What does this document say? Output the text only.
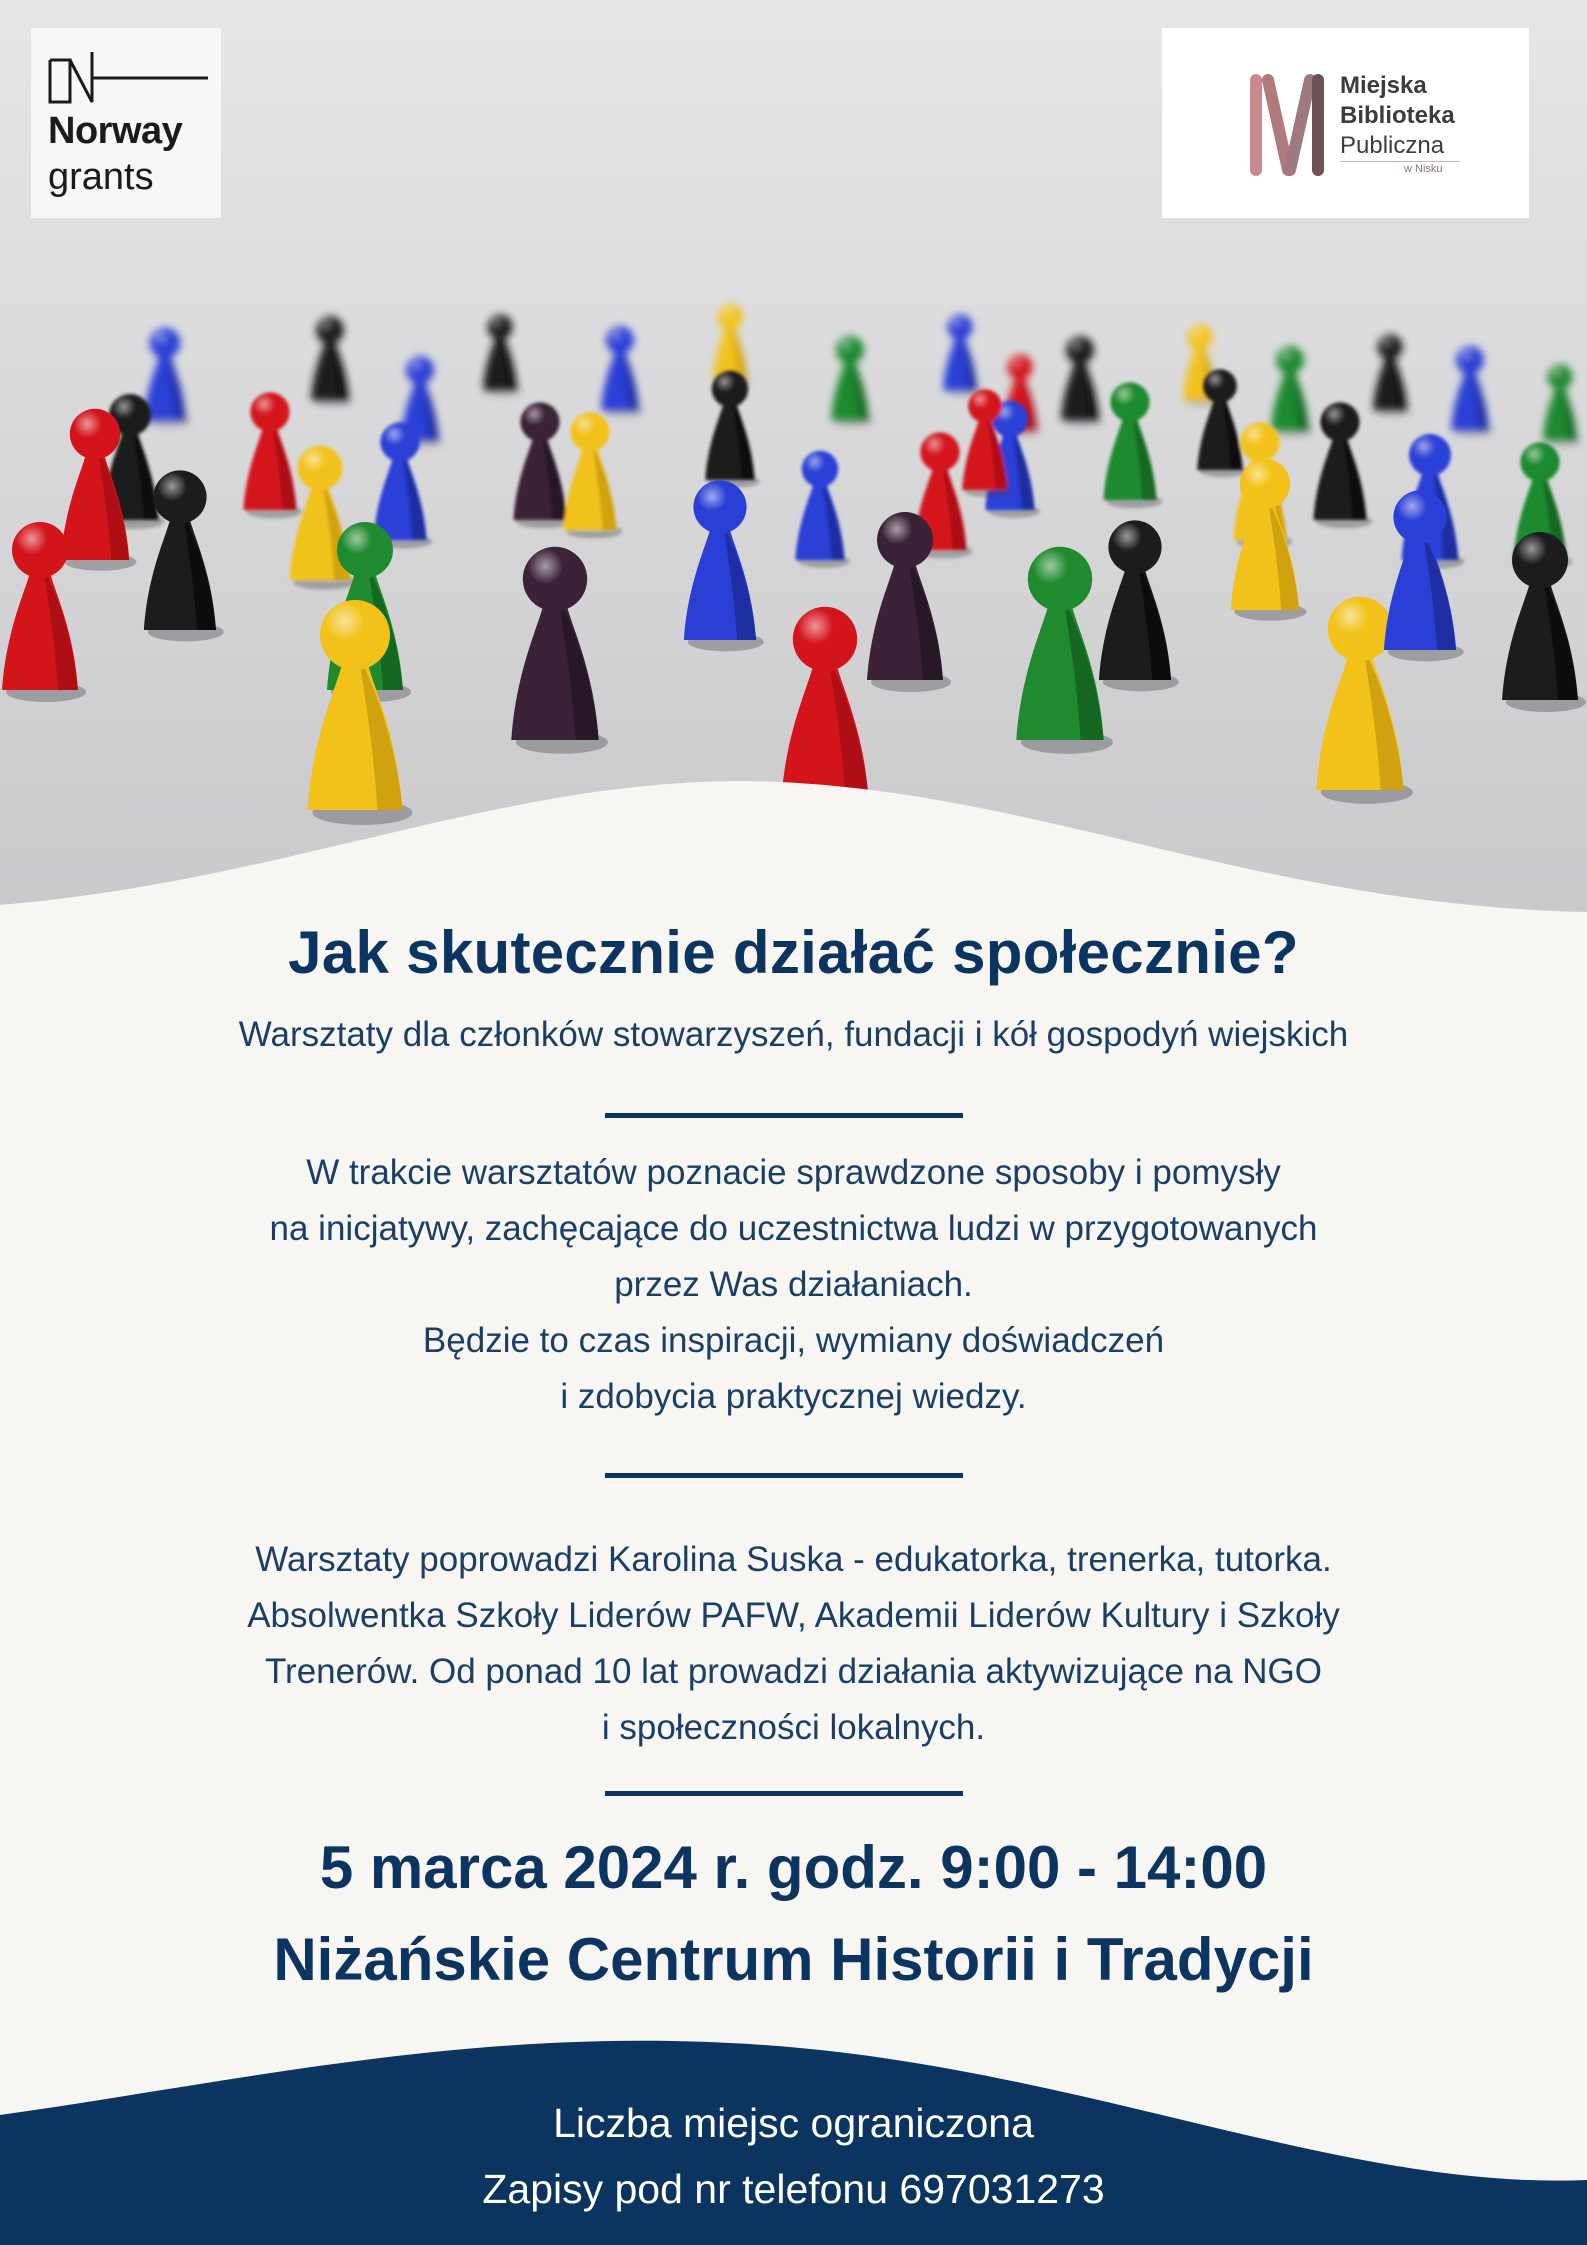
Norway
grants
Miejska
Biblioteka
Publiczna
w Nisku
Jak skutecznie działać społecznie?
Warsztaty dla członków stowarzyszeń, fundacji i kół gospodyń wiejskich
W trakcie warsztatów poznacie sprawdzone sposoby i pomysły
na inicjatywy, zachęcające do uczestnictwa ludzi w przygotowanych
przez Was działaniach.
Będzie to czas inspiracji, wymiany doświadczeń
i zdobycia praktycznej wiedzy.
Warsztaty poprowadzi Karolina Suska - edukatorka, trenerka, tutorka.
Absolwentka Szkoły Liderów PAFW, Akademii Liderów Kultury i Szkoły
Trenerów. Od ponad 10 lat prowadzi działania aktywizujące na NGO
i społeczności lokalnych.
5 marca 2024 r. godz. 9:00 - 14:00
Niżańskie Centrum Historii i Tradycji
Liczba miejsc ograniczona
Zapisy pod nr telefonu 697031273
